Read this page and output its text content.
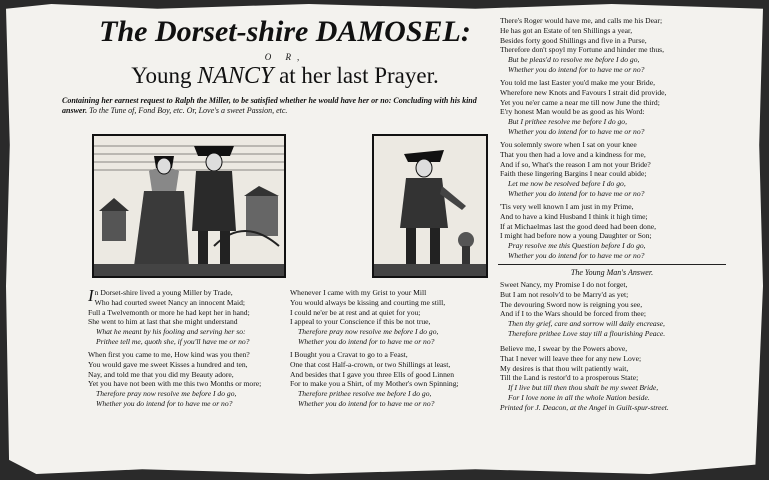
The Dorset-shire DAMOSEL:
O R,
Young NANCY at her last Prayer.
Containing her earnest request to Ralph the Miller, to be satisfied whether he would have her or no: Concluding with his kind answer. To the Tune of, Fond Boy, etc. Or, Love's a sweet Passion, etc.
I n Dorset-shire lived a young Miller by Trade,
Who had courted sweet Nancy an innocent Maid;
Full a Twelvemonth or more he had kept her in hand;
She went to him at last that she might understand
What he meant by his fooling and serving her so:
Prithee tell me, quoth she, if you'll have me or no?
When first you came to me, How kind was you then?
You would gave me sweet Kisses a hundred and ten,
Nay, and told me that you did my Beauty adore,
Yet you have not been with me this two Months or more;
Therefore pray now resolve me before I do go,
Whether you do intend for to have me or no?
Whenever I came with my Grist to your Mill
You would always be kissing and courting me still,
I could ne'er be at rest and at quiet for you;
I appeal to your Conscience if this be not true,
Therefore pray now resolve me before I do go,
Whether you do intend for to have me or no?
I Bought you a Cravat to go to a Feast,
One that cost Half-a-crown, or two Shillings at least,
And besides that I gave you three Ells of good Linnen
For to make you a Shirt, of my Mother's own Spinning;
Therefore prithee resolve me before I do go,
Whether you do intend for to have me or no?
There's Roger would have me, and calls me his Dear;
He has got an Estate of ten Shillings a year,
Besides forty good Shillings and five in a Purse,
Therefore don't spoyl my Fortune and hinder me thus,
But be pleas'd to resolve me before I do go,
Whether you do intend for to have me or no?
You told me last Easter you'd make me your Bride,
Wherefore new Knots and Favours I strait did provide,
Yet you ne'er came a near me till now June the third;
E'ry honest Man would be as good as his Word:
But I prithee resolve me before I do go,
Whether you do intend for to have me or no?
You solemnly swore when I sat on your knee
That you then had a love and a kindness for me,
And if so, What's the reason I am not your Bride?
Faith these lingering Bargins I near could abide;
Let me now be resolved before I do go,
Whether you do intend for to have me or no?
'Tis very well known I am just in my Prime,
And to have a kind Husband I think it high time;
If at Michaelmas last the good deed had been done,
I might had before now a young Daughter or Son;
Pray resolve me this Question before I do go,
Whether you do intend for to have me or no?
The Young Man's Answer.
Sweet Nancy, my Promise I do not forget,
But I am not resolv'd to be Marry'd as yet;
The devouring Sword now is reigning you see,
And if I to the Wars should be forced from thee;
Then thy grief, care and sorrow will daily encrease,
Therefore prithee Love stay till a flourishing Peace.
Believe me, I swear by the Powers above,
That I never will leave thee for any new Love;
My desires is that thou wilt patiently wait,
Till the Land is restor'd to a prosperous State;
If I live but till then thou shalt be my sweet Bride,
For I love none in all the whole Nation beside.
Printed for J. Deacon, at the Angel in Guilt-spur-street.
